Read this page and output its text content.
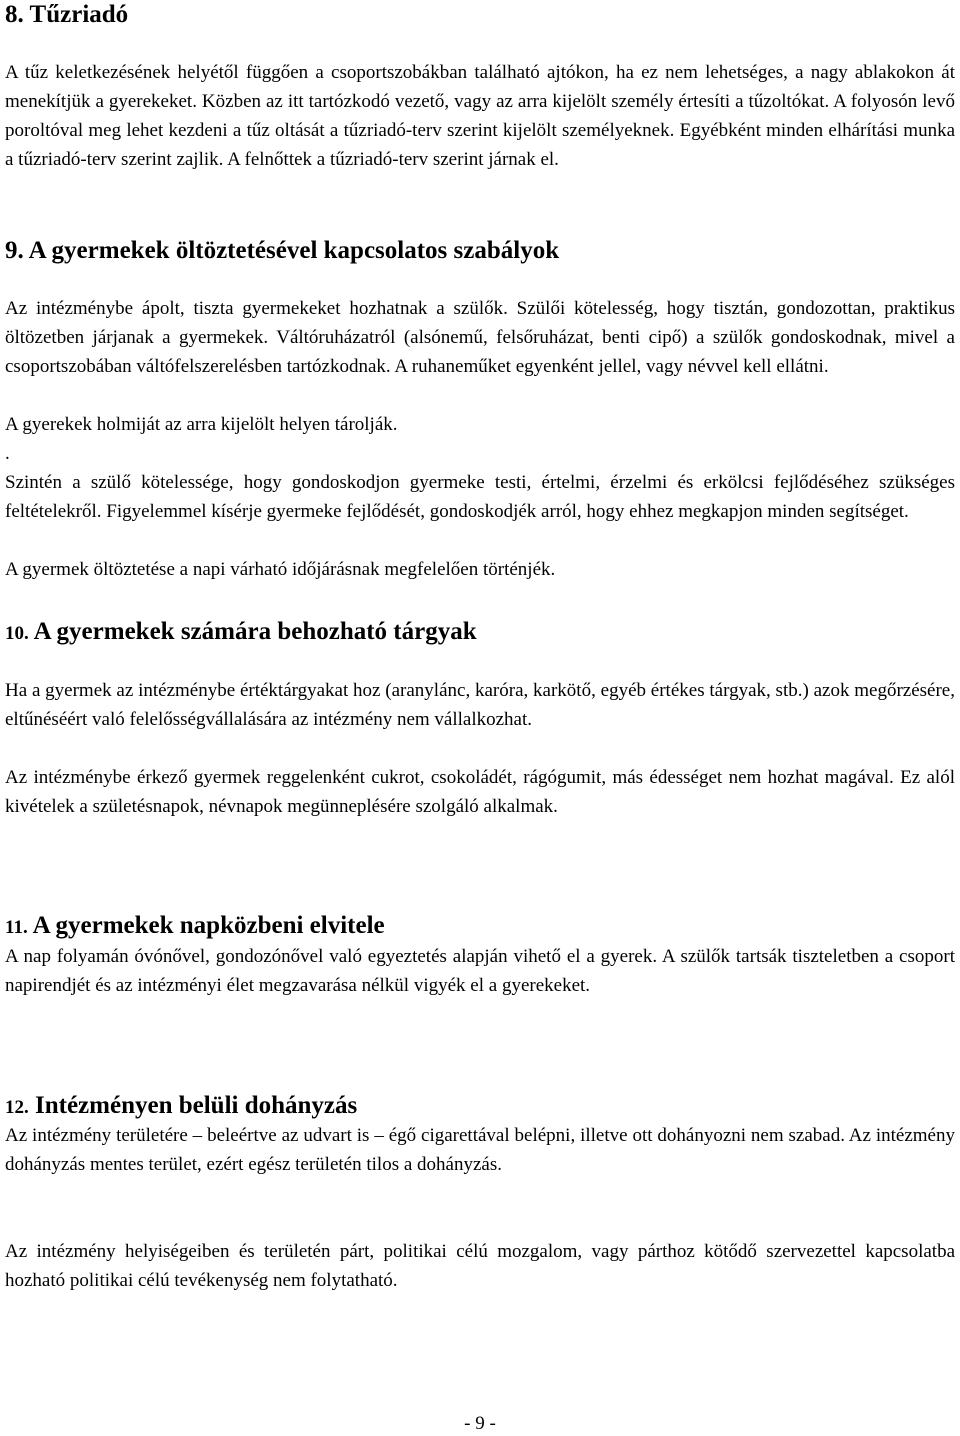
8. Tűzriadó

A tűz keletkezésének helyétől függően a csoportszobákban található ajtókon, ha ez nem lehetséges, a nagy ablakokon át menekítjük a gyerekeket. Közben az itt tartózkodó vezető, vagy az arra kijelölt személy értesíti a tűzoltókat. A folyosón levő poroltóval meg lehet kezdeni a tűz oltását a tűzriadó-terv szerint kijelölt személyeknek. Egyébként minden elhárítási munka a tűzriadó-terv szerint zajlik. A felnőttek a tűzriadó-terv szerint járnak el.

9. A gyermekek öltöztetésével kapcsolatos szabályok

Az intézménybe ápolt, tiszta gyermekeket hozhatnak a szülők. Szülői kötelesség, hogy tisztán, gondozottan, praktikus öltözetben járjanak a gyermekek. Váltóruházatról (alsónemű, felsőruházat, benti cipő) a szülők gondoskodnak, mivel a csoportszobában váltófelszerelésben tartózkodnak. A ruhaneműket egyenként jellel, vagy névvel kell ellátni.

A gyerekek holmiját az arra kijelölt helyen tárolják.

.

Szintén a szülő kötelessége, hogy gondoskodjon gyermeke testi, értelmi, érzelmi és erkölcsi fejlődéséhez szükséges feltételekről. Figyelemmel kísérje gyermeke fejlődését, gondoskodjék arról, hogy ehhez megkapjon minden segítséget.

A gyermek öltöztetése a napi várható időjárásnak megfelelően történjék.

10. A gyermekek számára behozható tárgyak

Ha a gyermek az intézménybe értéktárgyakat hoz (aranylánc, karóra, karkötő, egyéb értékes tárgyak, stb.) azok megőrzésére, eltűnéséért való felelősségvállalására az intézmény nem vállalkozhat.

Az intézménybe érkező gyermek reggelenként cukrot, csokoládét, rágógumit, más édességet nem hozhat magával. Ez alól kivételek a születésnapok, névnapok megünneplésére szolgáló alkalmak.

11. A gyermekek napközbeni elvitele

A nap folyamán óvónővel, gondozónővel való egyeztetés alapján vihető el a gyerek. A szülők tartsák tiszteletben a csoport napirendjét és az intézményi élet megzavarása nélkül vigyék el a gyerekeket.

12. Intézményen belüli dohányzás

Az intézmény területére – beleértve az udvart is – égő cigarettával belépni, illetve ott dohányozni nem szabad. Az intézmény dohányzás mentes terület, ezért egész területén tilos a dohányzás.

Az intézmény helyiségeiben és területén párt, politikai célú mozgalom, vagy párthoz kötődő szervezettel kapcsolatba hozható politikai célú tevékenység nem folytatható.

- 9 -
